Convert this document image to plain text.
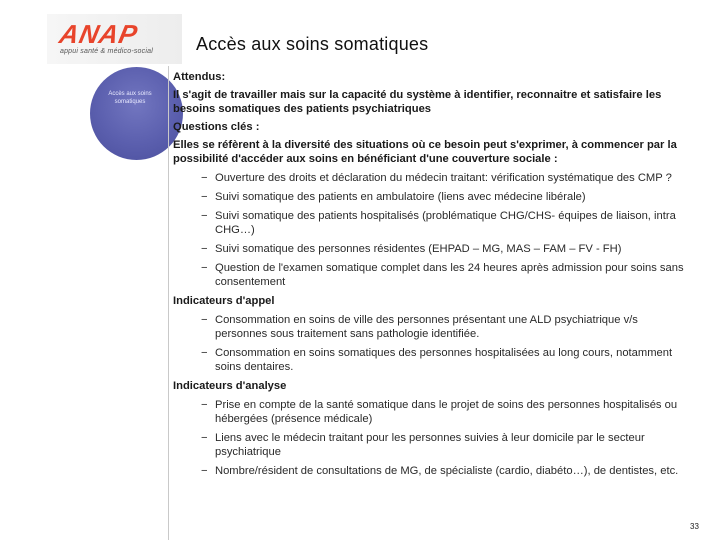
ANAP
appui santé & médico-social Accès aux soins somatiques
Accès aux soins somatiques
Attendus:
Il s'agit de travailler mais sur la capacité du système à identifier, reconnaitre et satisfaire les besoins somatiques des patients psychiatriques
Questions clés :
Elles se réfèrent à la diversité des situations où ce besoin peut s'exprimer, à commencer par la possibilité d'accéder aux soins en bénéficiant d'une couverture sociale :
− Ouverture des droits et déclaration du médecin traitant: vérification systématique des CMP ?
− Suivi somatique des patients en ambulatoire (liens avec médecine libérale)
− Suivi somatique des patients hospitalisés (problématique CHG/CHS- équipes de liaison, intra CHG…)
− Suivi somatique des personnes résidentes (EHPAD – MG, MAS – FAM – FV - FH)
− Question de l'examen somatique complet dans les 24 heures après admission pour soins sans consentement
Indicateurs d'appel
− Consommation en soins de ville des personnes présentant une ALD psychiatrique v/s personnes sous traitement sans pathologie identifiée.
− Consommation en soins somatiques des personnes hospitalisées au long cours, notamment soins dentaires.
Indicateurs d'analyse
− Prise en compte de la santé somatique dans le projet de soins des personnes hospitalisés ou hébergées (présence médicale)
− Liens avec le médecin traitant pour les personnes suivies à leur domicile par le secteur psychiatrique
− Nombre/résident de consultations de MG, de spécialiste (cardio, diabéto…), de dentistes, etc.
33
